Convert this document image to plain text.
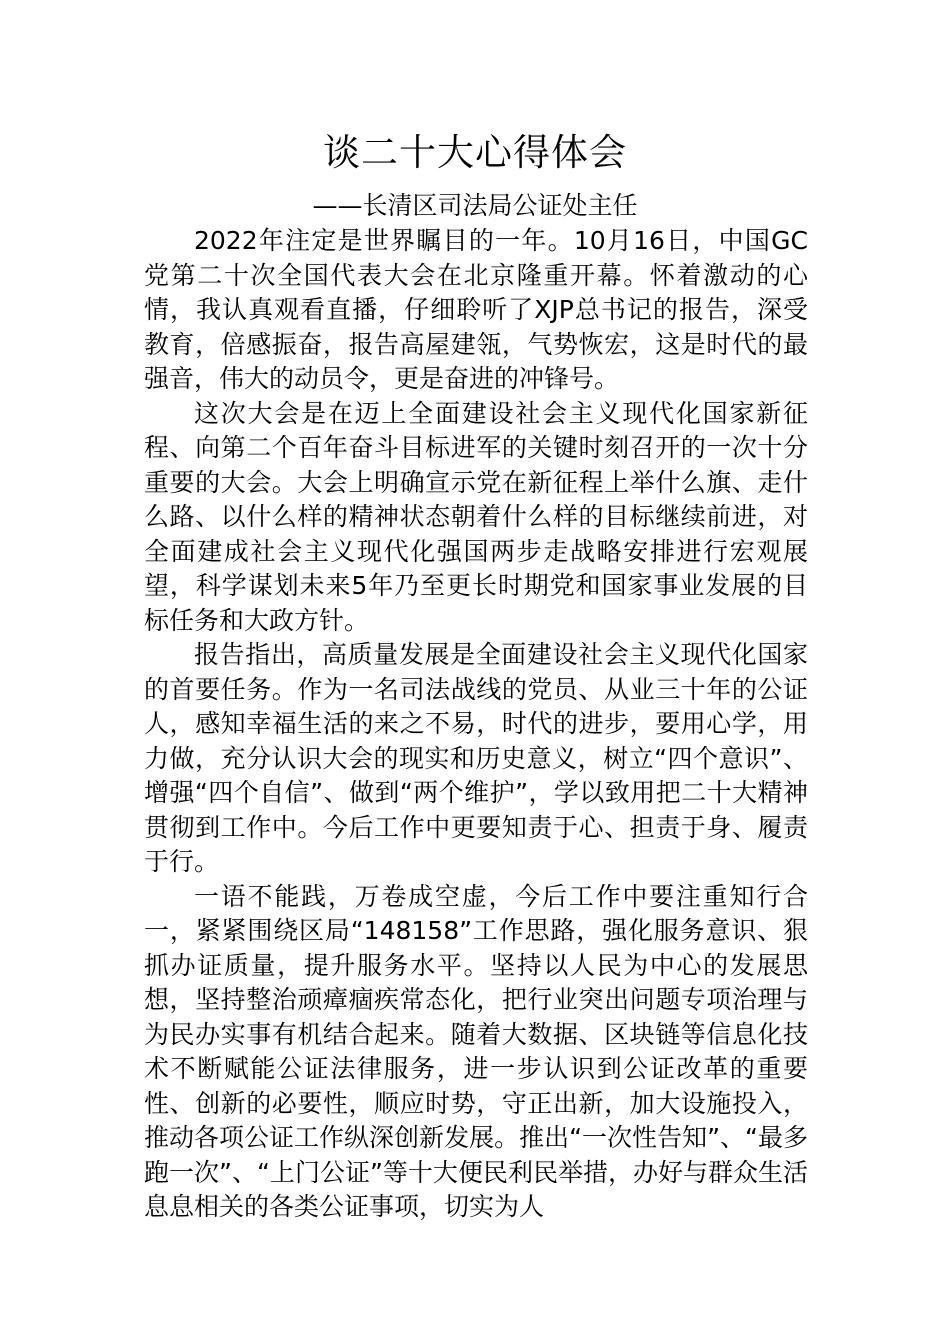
谈二十大心得体会

——长清区司法局公证处主任

2022年注定是世界瞩目的一年。10月16日，中国GC党第二十次全国代表大会在北京隆重开幕。怀着激动的心情，我认真观看直播，仔细聆听了XJP总书记的报告，深受教育，倍感振奋，报告高屋建瓴，气势恢宏，这是时代的最强音，伟大的动员令，更是奋进的冲锋号。

这次大会是在迈上全面建设社会主义现代化国家新征程、向第二个百年奋斗目标进军的关键时刻召开的一次十分重要的大会。大会上明确宣示党在新征程上举什么旗、走什么路、以什么样的精神状态朝着什么样的目标继续前进，对全面建成社会主义现代化强国两步走战略安排进行宏观展望，科学谋划未来5年乃至更长时期党和国家事业发展的目标任务和大政方针。

报告指出，高质量发展是全面建设社会主义现代化国家的首要任务。作为一名司法战线的党员、从业三十年的公证人，感知幸福生活的来之不易，时代的进步，要用心学，用力做，充分认识大会的现实和历史意义，树立“四个意识”、增强“四个自信”、做到“两个维护”，学以致用把二十大精神贯彻到工作中。今后工作中更要知责于心、担责于身、履责于行。

一语不能践，万卷成空虚，今后工作中要注重知行合一，紧紧围绕区局“148158”工作思路，强化服务意识、狠抓办证质量，提升服务水平。坚持以人民为中心的发展思想，坚持整治顽瘴痼疾常态化，把行业突出问题专项治理与为民办实事有机结合起来。随着大数据、区块链等信息化技术不断赋能公证法律服务，进一步认识到公证改革的重要性、创新的必要性，顺应时势，守正出新，加大设施投入，推动各项公证工作纵深创新发展。推出“一次性告知”、“最多跑一次”、“上门公证”等十大便民利民举措，办好与群众生活息息相关的各类公证事项，切实为人
